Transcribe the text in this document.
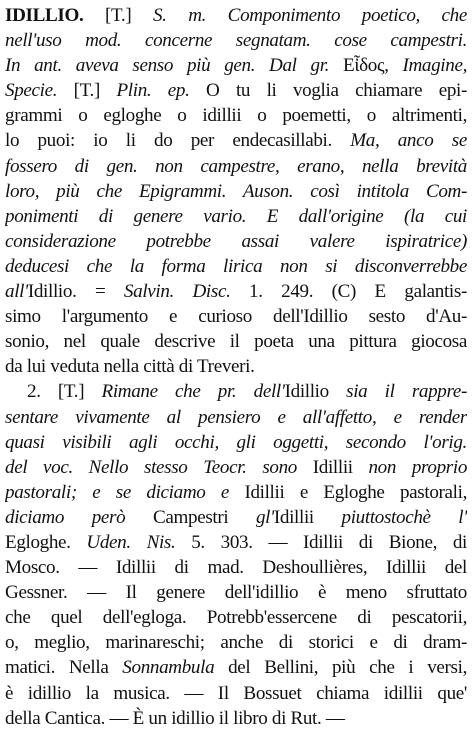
IDILLIO. [T.] S. m. Componimento poetico, che
nell'uso mod. concerne segnatam. cose campestri.
In ant. aveva senso più gen. Dal gr. Εἶδος, Imagine,
Specie. [T.] Plin. ep. O tu li voglia chiamare epi-
grammi o egloghe o idillii o poemetti, o altrimenti,
lo puoi: io li do per endecasillabi. Ma, anco se
fossero di gen. non campestre, erano, nella brevità
loro, più che Epigrammi. Auson. così intitola Com-
ponimenti di genere vario. E dall'origine (la cui
considerazione potrebbe assai valere ispiratrice)
deducesi che la forma lirica non si disconverrebbe
all'Idillio. = Salvin. Disc. 1. 249. (C) E galantis-
simo l'argumento e curioso dell'Idillio sesto d'Au-
sonio, nel quale descrive il poeta una pittura giocosa
da lui veduta nella città di Treveri.
2. [T.] Rimane che pr. dell'Idillio sia il rappre-
sentare vivamente al pensiero e all'affetto, e render
quasi visibili agli occhi, gli oggetti, secondo l'orig.
del voc. Nello stesso Teocr. sono Idillii non proprio
pastorali; e se diciamo e Idillii e Egloghe pastorali,
diciamo però Campestri gl'Idillii piuttostochè l'
Egloghe. Uden. Nis. 5. 303. — Idillii di Bione, di
Mosco. — Idillii di mad. Deshoullières, Idillii del
Gessner. — Il genere dell'idillio è meno sfruttato
che quel dell'egloga. Potrebb'essercene di pescatorii,
o, meglio, marinareschi; anche di storici e di dram-
matici. Nella Sonnambula del Bellini, più che i versi,
è idillio la musica. — Il Bossuet chiama idillii que'
della Cantica. — È un idillio il libro di Rut. —
